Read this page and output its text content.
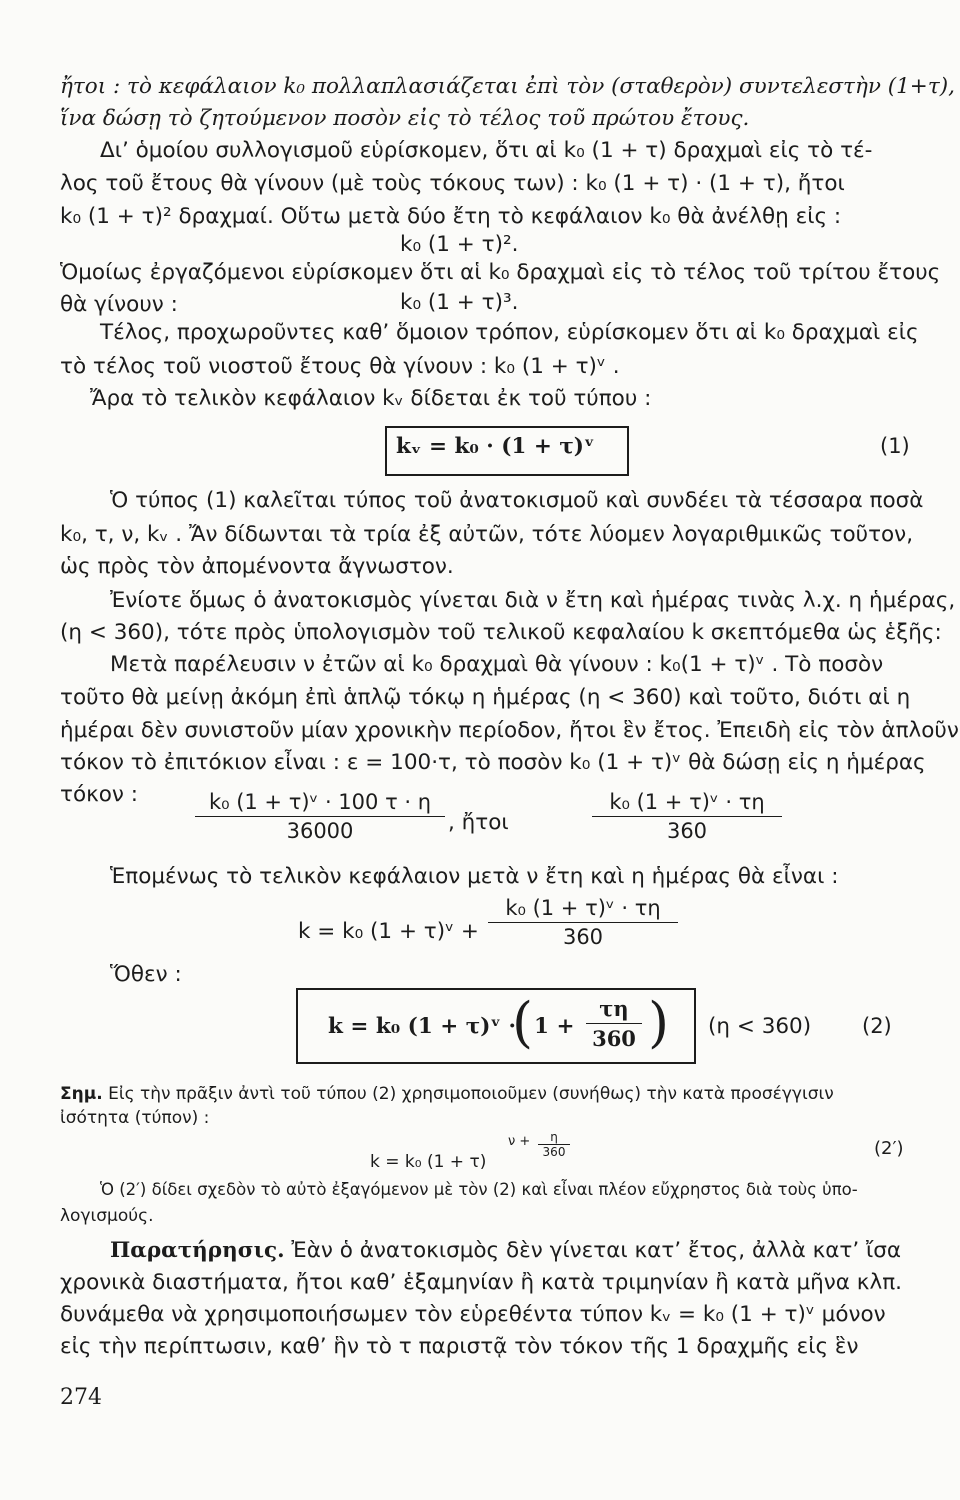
ἤτοι : τὸ κεφάλαιον k₀ πολλαπλασιάζεται ἐπὶ τὸν (σταθερὸν) συντελεστὴν (1+τ),
ἵνα δώσῃ τὸ ζητούμενον ποσὸν εἰς τὸ τέλος τοῦ πρώτου ἔτους.
Δι’ ὁμοίου συλλογισμοῦ εὑρίσκομεν, ὅτι αἱ k₀ (1 + τ) δραχμαὶ εἰς τὸ τέ-
λος τοῦ ἔτους θὰ γίνουν (μὲ τοὺς τόκους των) : k₀ (1 + τ) · (1 + τ), ἤτοι
k₀ (1 + τ)² δραχμαί. Οὕτω μετὰ δύο ἔτη τὸ κεφάλαιον k₀ θὰ ἀνέλθῃ εἰς :
k₀ (1 + τ)².
Ὁμοίως ἐργαζόμενοι εὑρίσκομεν ὅτι αἱ k₀ δραχμαὶ εἰς τὸ τέλος τοῦ τρίτου ἔτους
θὰ γίνουν :	k₀ (1 + τ)³.
Τέλος, προχωροῦντες καθ’ ὅμοιον τρόπον, εὑρίσκομεν ὅτι αἱ k₀ δραχμαὶ εἰς
τὸ τέλος τοῦ νιοστοῦ ἔτους θὰ γίνουν : k₀ (1 + τ)ᵛ .
Ἄρα τὸ τελικὸν κεφάλαιον kᵥ δίδεται ἐκ τοῦ τύπου :
kᵥ = k₀ · (1 + τ)ᵛ	(1)
Ὁ τύπος (1) καλεῖται τύπος τοῦ ἀνατοκισμοῦ καὶ συνδέει τὰ τέσσαρα ποσὰ
k₀, τ, ν, kᵥ . Ἄν δίδωνται τὰ τρία ἐξ αὐτῶν, τότε λύομεν λογαριθμικῶς τοῦτον,
ὡς πρὸς τὸν ἀπομένοντα ἄγνωστον.
Ἐνίοτε ὅμως ὁ ἀνατοκισμὸς γίνεται διὰ ν ἔτη καὶ ἡμέρας τινὰς λ.χ. η ἡμέρας,
(η < 360), τότε πρὸς ὑπολογισμὸν τοῦ τελικοῦ κεφαλαίου k σκεπτόμεθα ὡς ἑξῆς:
Μετὰ παρέλευσιν ν ἐτῶν αἱ k₀ δραχμαὶ θὰ γίνουν : k₀(1 + τ)ᵛ . Τὸ ποσὸν
τοῦτο θὰ μείνῃ ἀκόμη ἐπὶ ἁπλῷ τόκῳ η ἡμέρας (η < 360) καὶ τοῦτο, διότι αἱ η
ἡμέραι δὲν συνιστοῦν μίαν χρονικὴν περίοδον, ἤτοι ἓν ἔτος. Ἐπειδὴ εἰς τὸν ἁπλοῦν
τόκον τὸ ἐπιτόκιον εἶναι : ε = 100·τ, τὸ ποσὸν k₀ (1 + τ)ᵛ θὰ δώσῃ εἰς η ἡμέρας
τόκον :	$\frac{\text{k₀ (1 + τ)ᵛ · 100 τ · η}}{36000}$ , ἤτοι	$\frac{\text{k₀ (1 + τ)ᵛ · τη}}{360}$
Ἑπομένως τὸ τελικὸν κεφάλαιον μετὰ ν ἔτη καὶ η ἡμέρας θὰ εἶναι :
k = k₀ (1 + τ)ᵛ + $\frac{\text{k₀ (1 + τ)ᵛ · τη}}{360}$
Ὅθεν :
k = k₀ (1 + τ)ᵛ ·
( $1 + \frac{\tau\eta}{360}$ ) (η < 360)	(2)
Σημ. Εἰς τὴν πρᾶξιν ἀντὶ τοῦ τύπου (2) χρησιμοποιοῦμεν (συνήθως) τὴν κατὰ προσέγγισιν
ἰσότητα (τύπον) :
k = k₀ (1 + τ)
$\nu + \frac{\eta}{360}$	(2′)
Ὁ (2′) δίδει σχεδὸν τὸ αὐτὸ ἐξαγόμενον μὲ τὸν (2) καὶ εἶναι πλέον εὔχρηστος διὰ τοὺς ὑπο-
λογισμούς.
Παρατήρησις. Ἐὰν ὁ ἀνατοκισμὸς δὲν γίνεται κατ’ ἔτος, ἀλλὰ κατ’ ἴσα
χρονικὰ διαστήματα, ἤτοι καθ’ ἑξαμηνίαν ἢ κατὰ τριμηνίαν ἢ κατὰ μῆνα κλπ.
δυνάμεθα νὰ χρησιμοποιήσωμεν τὸν εὑρεθέντα τύπον kᵥ = k₀ (1 + τ)ᵛ μόνον
εἰς τὴν περίπτωσιν, καθ’ ἣν τὸ τ παριστᾷ τὸν τόκον τῆς 1 δραχμῆς εἰς ἓν
274
